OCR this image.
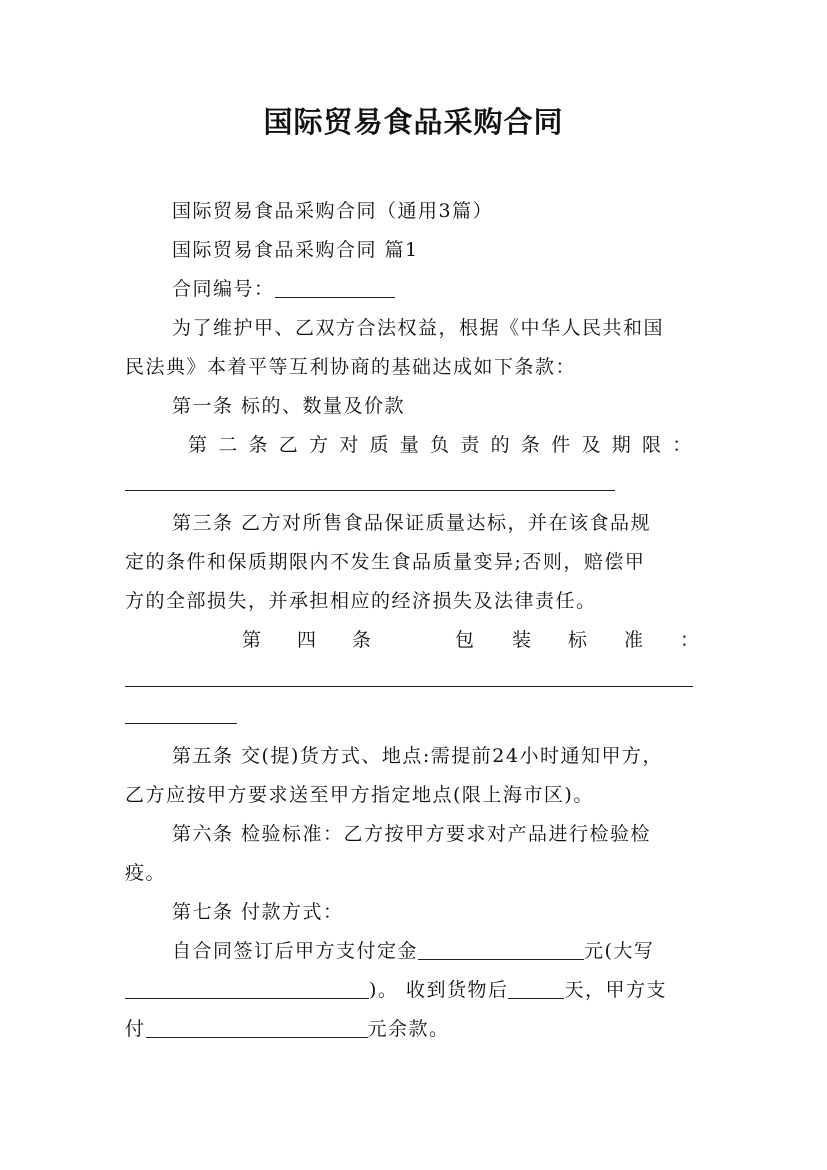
国际贸易食品采购合同
国际贸易食品采购合同（通用3篇）
国际贸易食品采购合同 篇1
合同编号：
为了维护甲、乙双方合法权益，根据《中华人民共和国
民法典》本着平等互利协商的基础达成如下条款：
第一条 标的、数量及价款
第 二 条 乙 方 对 质 量 负 责 的 条 件 及 期 限 ：
第三条 乙方对所售食品保证质量达标，并在该食品规
定的条件和保质期限内不发生食品质量变异;否则，赔偿甲
方的全部损失，并承担相应的经济损失及法律责任。
第 四 条	包 装 标 准 ：
第五条 交(提)货方式、地点:需提前24小时通知甲方，
乙方应按甲方要求送至甲方指定地点(限上海市区)。
第六条 检验标准：乙方按甲方要求对产品进行检验检
疫。
第七条 付款方式：
自合同签订后甲方支付定金	元(大写
)。 收到货物后	天，甲方支
付	元余款。
